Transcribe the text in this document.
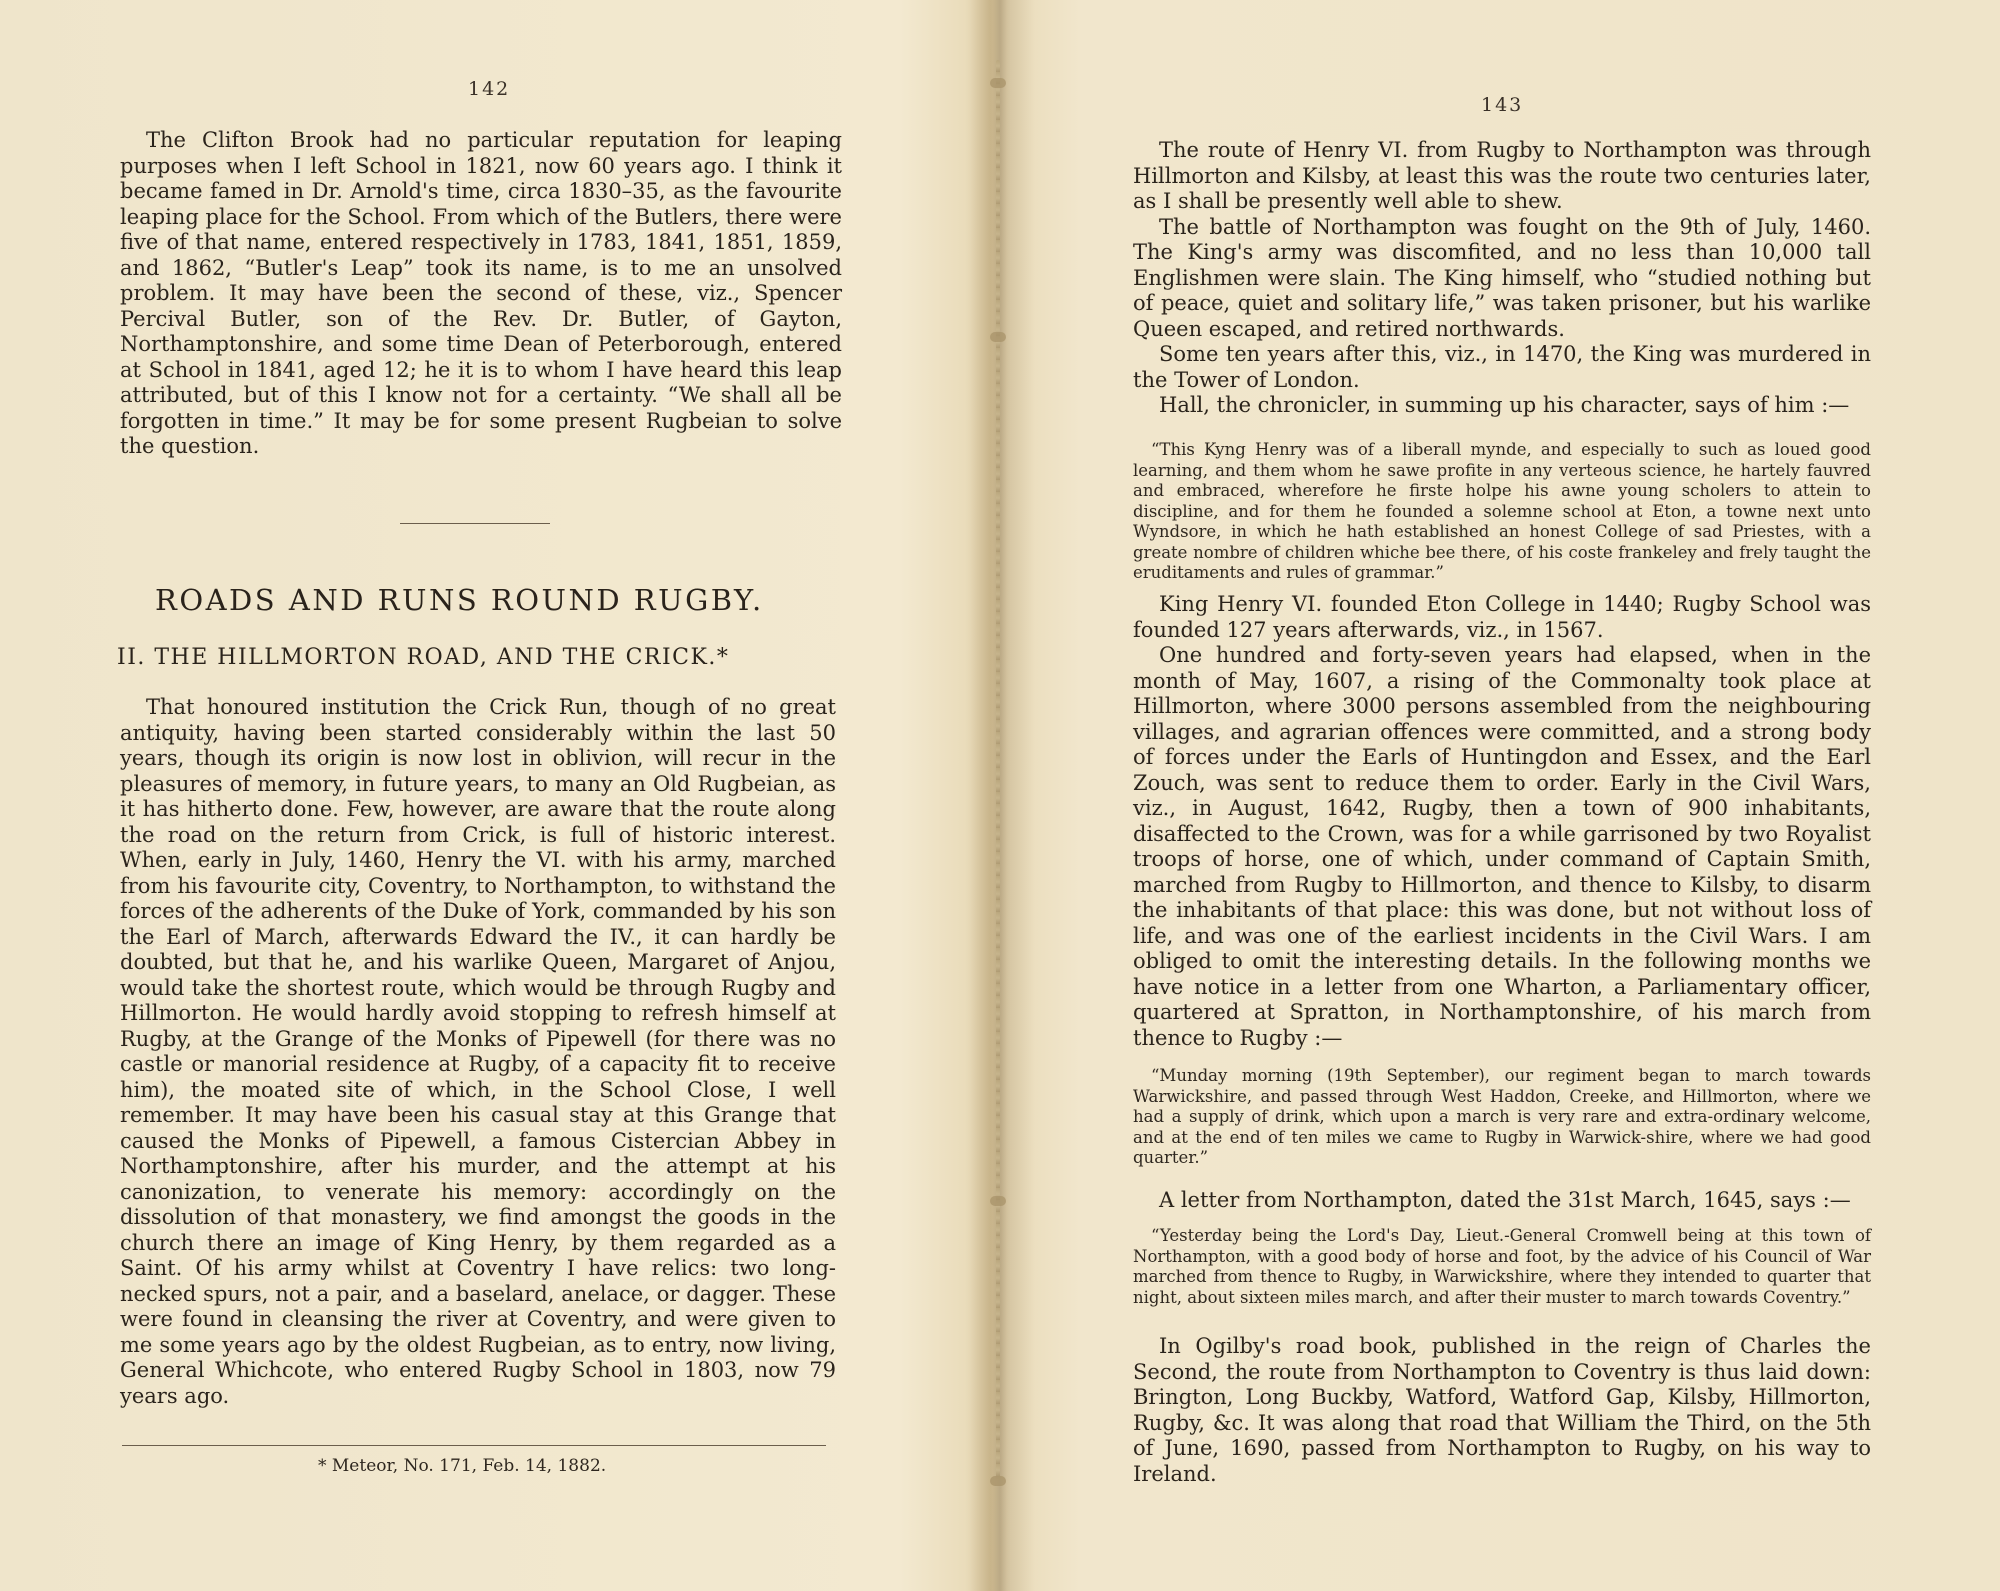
142

The Clifton Brook had no particular reputation for leaping purposes when I left School in 1821, now 60 years ago. I think it became famed in Dr. Arnold's time, circa 1830–35, as the favourite leaping place for the School. From which of the Butlers, there were five of that name, entered respectively in 1783, 1841, 1851, 1859, and 1862, “Butler's Leap” took its name, is to me an unsolved problem. It may have been the second of these, viz., Spencer Percival Butler, son of the Rev. Dr. Butler, of Gayton, Northamptonshire, and some time Dean of Peterborough, entered at School in 1841, aged 12; he it is to whom I have heard this leap attributed, but of this I know not for a certainty. “We shall all be forgotten in time.” It may be for some present Rugbeian to solve the question.

ROADS AND RUNS ROUND RUGBY.
II. THE HILLMORTON ROAD, AND THE CRICK.*

That honoured institution the Crick Run, though of no great antiquity, having been started considerably within the last 50 years, though its origin is now lost in oblivion, will recur in the pleasures of memory, in future years, to many an Old Rugbeian, as it has hitherto done. Few, however, are aware that the route along the road on the return from Crick, is full of historic interest. When, early in July, 1460, Henry the VI. with his army, marched from his favourite city, Coventry, to Northampton, to withstand the forces of the adherents of the Duke of York, commanded by his son the Earl of March, afterwards Edward the IV., it can hardly be doubted, but that he, and his warlike Queen, Margaret of Anjou, would take the shortest route, which would be through Rugby and Hillmorton. He would hardly avoid stopping to refresh himself at Rugby, at the Grange of the Monks of Pipewell (for there was no castle or manorial residence at Rugby, of a capacity fit to receive him), the moated site of which, in the School Close, I well remember. It may have been his casual stay at this Grange that caused the Monks of Pipewell, a famous Cistercian Abbey in Northamptonshire, after his murder, and the attempt at his canonization, to venerate his memory: accordingly on the dissolution of that monastery, we find amongst the goods in the church there an image of King Henry, by them regarded as a Saint. Of his army whilst at Coventry I have relics: two long-necked spurs, not a pair, and a baselard, anelace, or dagger. These were found in cleansing the river at Coventry, and were given to me some years ago by the oldest Rugbeian, as to entry, now living, General Whichcote, who entered Rugby School in 1803, now 79 years ago.

* Meteor, No. 171, Feb. 14, 1882.
143

The route of Henry VI. from Rugby to Northampton was through Hillmorton and Kilsby, at least this was the route two centuries later, as I shall be presently well able to shew.

The battle of Northampton was fought on the 9th of July, 1460. The King's army was discomfited, and no less than 10,000 tall Englishmen were slain. The King himself, who “studied nothing but of peace, quiet and solitary life,” was taken prisoner, but his warlike Queen escaped, and retired northwards.

Some ten years after this, viz., in 1470, the King was murdered in the Tower of London.

Hall, the chronicler, in summing up his character, says of him :—

“This Kyng Henry was of a liberall mynde, and especially to such as loued good learning, and them whom he sawe profite in any verteous science, he hartely fauvred and embraced, wherefore he firste holpe his awne young scholers to attein to discipline, and for them he founded a solemne school at Eton, a towne next unto Wyndsore, in which he hath established an honest College of sad Priestes, with a greate nombre of children whiche bee there, of his coste frankeley and frely taught the eruditaments and rules of grammar.”

King Henry VI. founded Eton College in 1440; Rugby School was founded 127 years afterwards, viz., in 1567.

One hundred and forty-seven years had elapsed, when in the month of May, 1607, a rising of the Commonalty took place at Hillmorton, where 3000 persons assembled from the neighbouring villages, and agrarian offences were committed, and a strong body of forces under the Earls of Huntingdon and Essex, and the Earl Zouch, was sent to reduce them to order. Early in the Civil Wars, viz., in August, 1642, Rugby, then a town of 900 inhabitants, disaffected to the Crown, was for a while garrisoned by two Royalist troops of horse, one of which, under command of Captain Smith, marched from Rugby to Hillmorton, and thence to Kilsby, to disarm the inhabitants of that place: this was done, but not without loss of life, and was one of the earliest incidents in the Civil Wars. I am obliged to omit the interesting details. In the following months we have notice in a letter from one Wharton, a Parliamentary officer, quartered at Spratton, in Northamptonshire, of his march from thence to Rugby :—

“Munday morning (19th September), our regiment began to march towards Warwickshire, and passed through West Haddon, Creeke, and Hillmorton, where we had a supply of drink, which upon a march is very rare and extra-ordinary welcome, and at the end of ten miles we came to Rugby in Warwick-shire, where we had good quarter.”

A letter from Northampton, dated the 31st March, 1645, says :—

“Yesterday being the Lord's Day, Lieut.-General Cromwell being at this town of Northampton, with a good body of horse and foot, by the advice of his Council of War marched from thence to Rugby, in Warwickshire, where they intended to quarter that night, about sixteen miles march, and after their muster to march towards Coventry.”

In Ogilby's road book, published in the reign of Charles the Second, the route from Northampton to Coventry is thus laid down: Brington, Long Buckby, Watford, Watford Gap, Kilsby, Hillmorton, Rugby, &c. It was along that road that William the Third, on the 5th of June, 1690, passed from Northampton to Rugby, on his way to Ireland.
